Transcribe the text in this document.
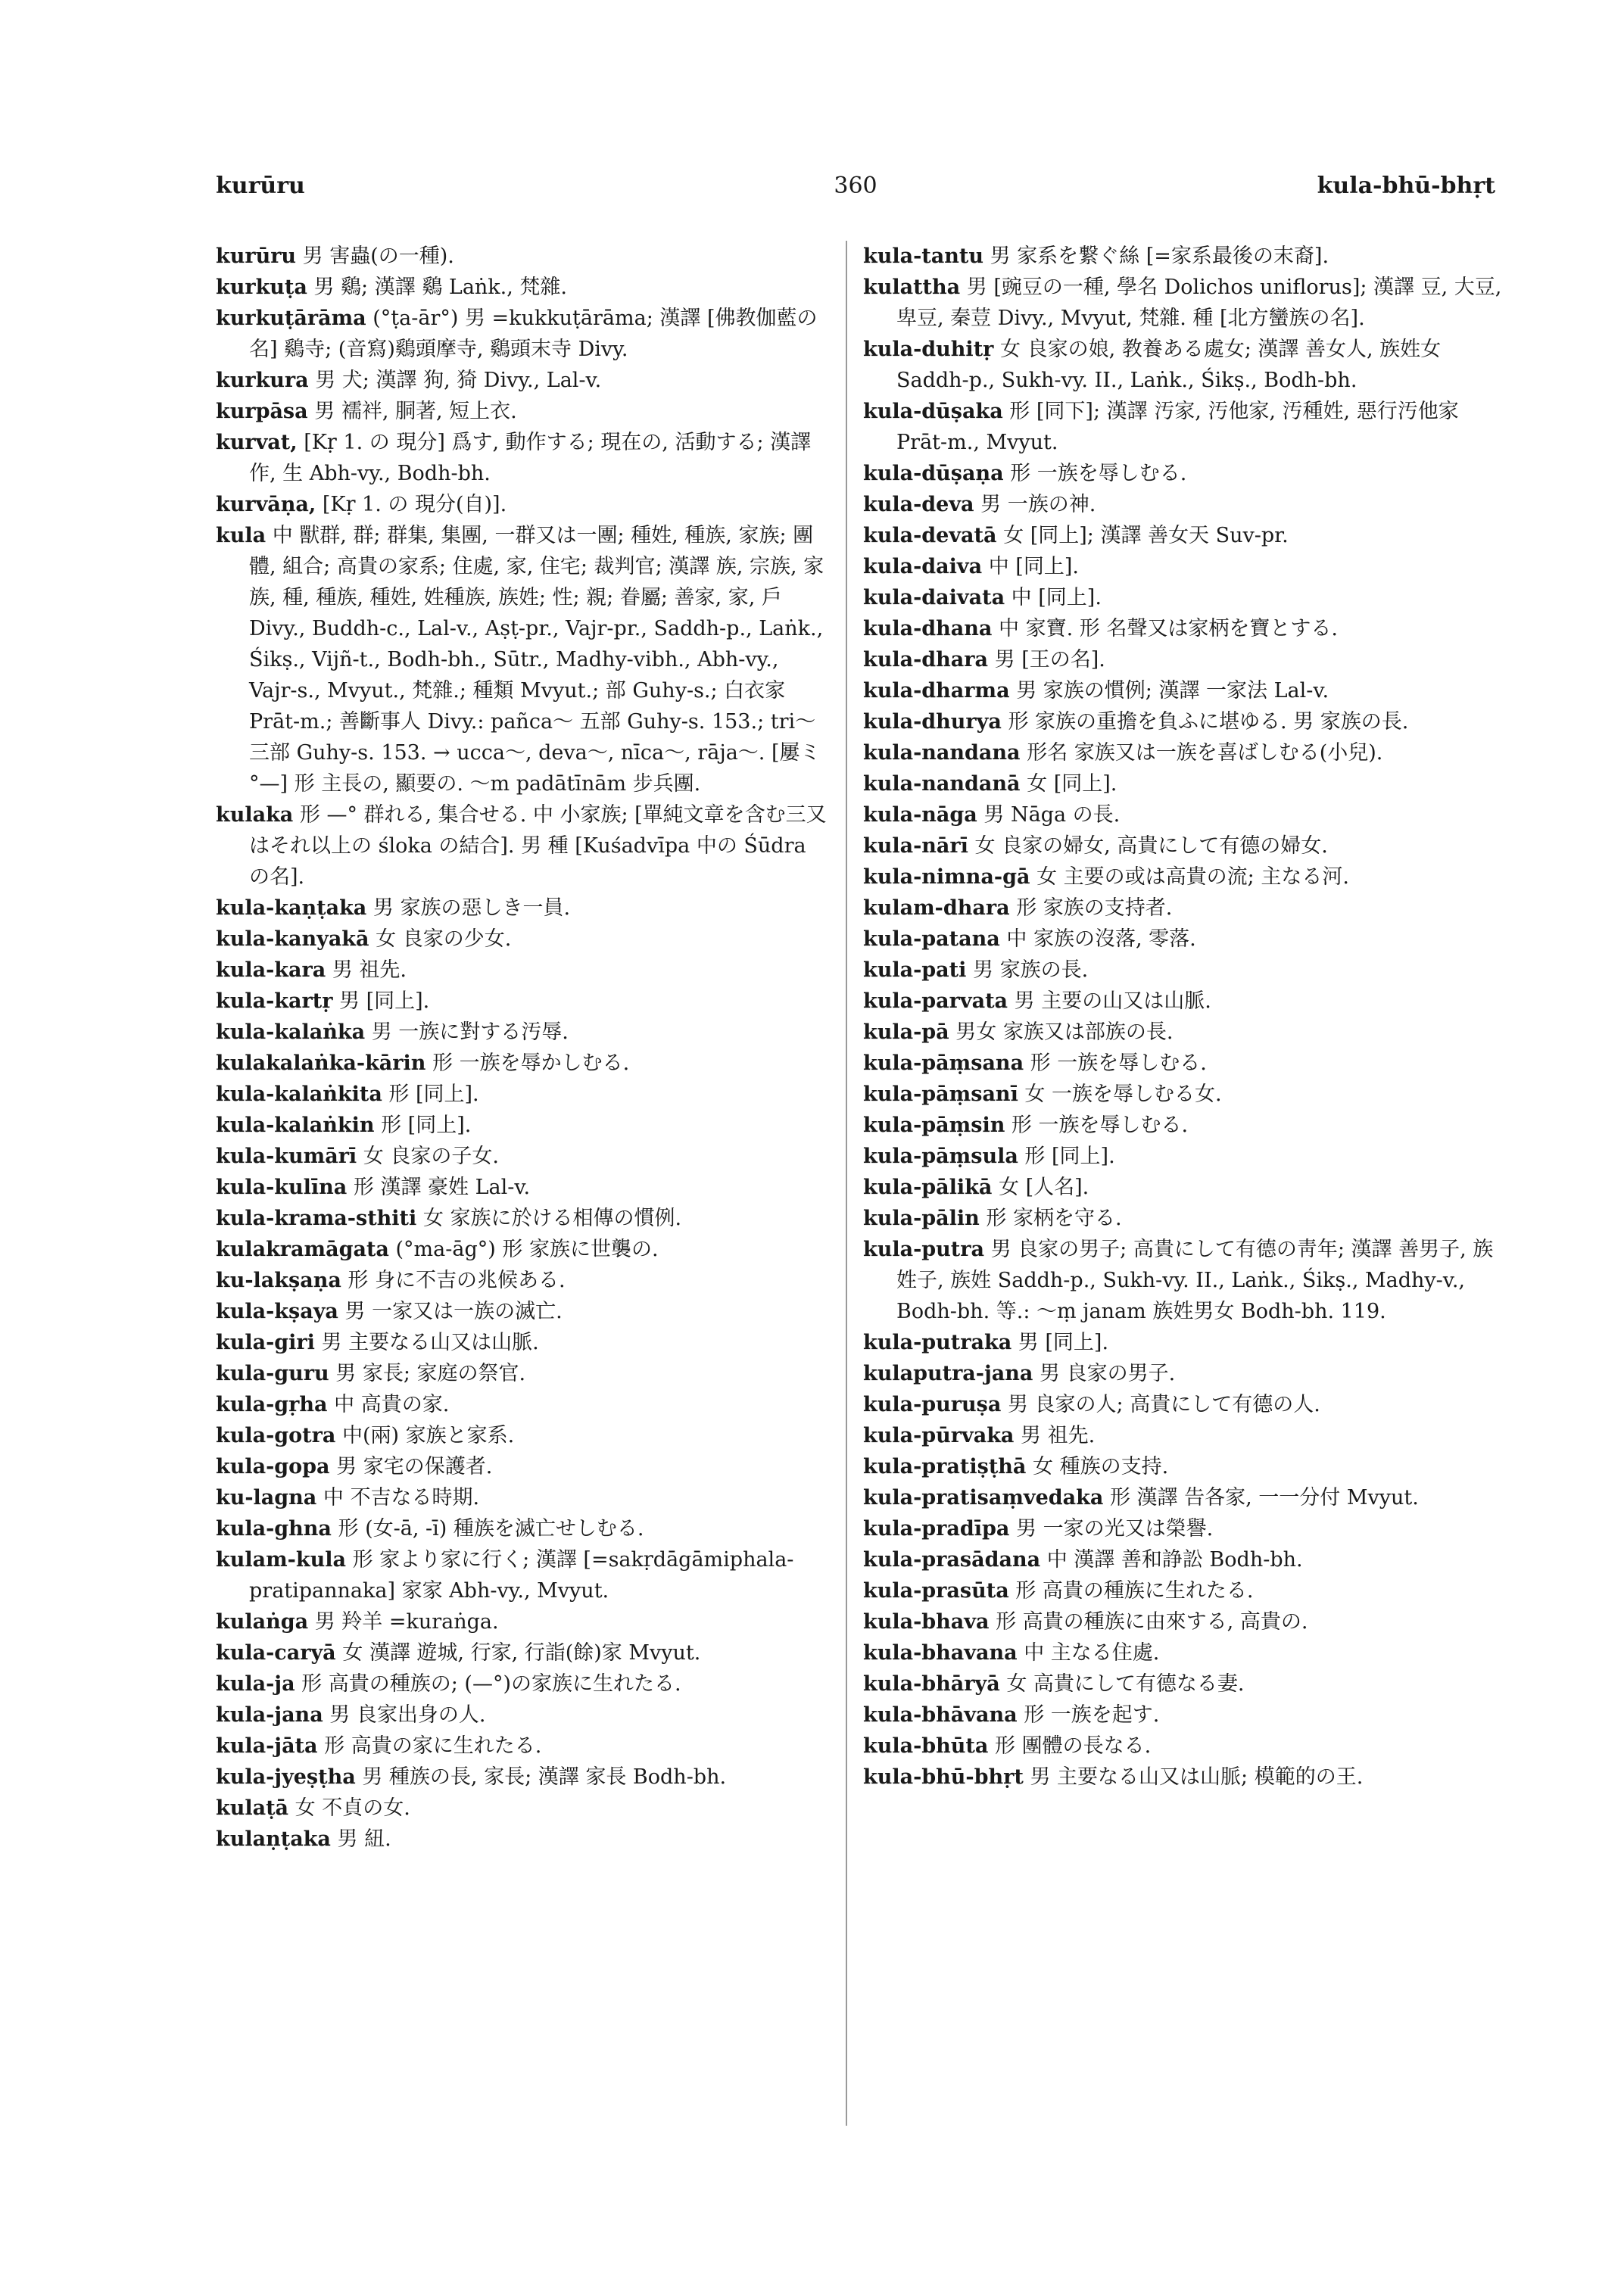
kurūru	360	kula-bhū-bhṛt

kurūru 男 害蟲(の一種).

kurkuṭa 男 鷄; 漢譯 鷄 Laṅk., 梵雜.

kurkuṭārāma (°ṭa-ār°) 男 =kukkuṭārāma; 漢譯 [佛教伽藍の名] 鷄寺; (音寫)鷄頭摩寺, 鷄頭末寺 Divy.

kurkura 男 犬; 漢譯 狗, 猗 Divy., Lal-v.

kurpāsa 男 襦袢, 胴著, 短上衣.

kurvat, [Kṛ 1. の 現分] 爲す, 動作する; 現在の, 活動する; 漢譯 作, 生 Abh-vy., Bodh-bh.

kurvāṇa, [Kṛ 1. の 現分(自)].

kula 中 獸群, 群; 群集, 集團, 一群又は一團; 種姓, 種族, 家族; 團體, 組合; 高貴の家系; 住處, 家, 住宅; 裁判官; 漢譯 族, 宗族, 家族, 種, 種族, 種姓, 姓種族, 族姓; 性; 親; 眷屬; 善家, 家, 戶 Divy., Buddh-c., Lal-v., Aṣṭ-pr., Vajr-pr., Saddh-p., Laṅk., Śikṣ., Vijñ-t., Bodh-bh., Sūtr., Madhy-vibh., Abh-vy., Vajr-s., Mvyut., 梵雜.; 種類 Mvyut.; 部 Guhy-s.; 白衣家 Prāt-m.; 善斷事人 Divy.: pañca〜 五部 Guhy-s. 153.; tri〜 三部 Guhy-s. 153. → ucca〜, deva〜, nīca〜, rāja〜. [屢ミ °—] 形 主長の, 顯要の. 〜m padātīnām 步兵團.

kulaka 形 —° 群れる, 集合せる. 中 小家族; [單純文章を含む三又はそれ以上の śloka の結合]. 男 種 [Kuśadvīpa 中の Śūdra の名].

kula-kaṇṭaka 男 家族の惡しき一員.

kula-kanyakā 女 良家の少女.

kula-kara 男 祖先.

kula-kartṛ 男 [同上].

kula-kalaṅka 男 一族に對する汚辱.

kulakalaṅka-kārin 形 一族を辱かしむる.

kula-kalaṅkita 形 [同上].

kula-kalaṅkin 形 [同上].

kula-kumārī 女 良家の子女.

kula-kulīna 形 漢譯 豪姓 Lal-v.

kula-krama-sthiti 女 家族に於ける相傳の慣例.

kulakramāgata (°ma-āg°) 形 家族に世襲の.

ku-lakṣaṇa 形 身に不吉の兆候ある.

kula-kṣaya 男 一家又は一族の滅亡.

kula-giri 男 主要なる山又は山脈.

kula-guru 男 家長; 家庭の祭官.

kula-gṛha 中 高貴の家.

kula-gotra 中(兩) 家族と家系.

kula-gopa 男 家宅の保護者.

ku-lagna 中 不吉なる時期.

kula-ghna 形 (女-ā, -ī) 種族を滅亡せしむる.

kulam-kula 形 家より家に行く; 漢譯 [=sakṛdāgāmiphala-pratipannaka] 家家 Abh-vy., Mvyut.

kulaṅga 男 羚羊 =kuraṅga.

kula-caryā 女 漢譯 遊城, 行家, 行詣(餘)家 Mvyut.

kula-ja 形 高貴の種族の; (—°)の家族に生れたる.

kula-jana 男 良家出身の人.

kula-jāta 形 高貴の家に生れたる.

kula-jyeṣṭha 男 種族の長, 家長; 漢譯 家長 Bodh-bh.

kulaṭā 女 不貞の女.

kulaṇṭaka 男 紐.

kula-tantu 男 家系を繋ぐ絲 [=家系最後の末裔].

kulattha 男 [豌豆の一種, 學名 Dolichos uniflorus]; 漢譯 豆, 大豆, 卑豆, 秦荳 Divy., Mvyut, 梵雜. 種 [北方蠻族の名].

kula-duhitṛ 女 良家の娘, 教養ある處女; 漢譯 善女人, 族姓女 Saddh-p., Sukh-vy. II., Laṅk., Śikṣ., Bodh-bh.

kula-dūṣaka 形 [同下]; 漢譯 汚家, 汚他家, 汚種姓, 惡行汚他家 Prāt-m., Mvyut.

kula-dūṣaṇa 形 一族を辱しむる.

kula-deva 男 一族の神.

kula-devatā 女 [同上]; 漢譯 善女天 Suv-pr.

kula-daiva 中 [同上].

kula-daivata 中 [同上].

kula-dhana 中 家寶. 形 名聲又は家柄を寶とする.

kula-dhara 男 [王の名].

kula-dharma 男 家族の慣例; 漢譯 一家法 Lal-v.

kula-dhurya 形 家族の重擔を負ふに堪ゆる. 男 家族の長.

kula-nandana 形名 家族又は一族を喜ばしむる(小兒).

kula-nandanā 女 [同上].

kula-nāga 男 Nāga の長.

kula-nārī 女 良家の婦女, 高貴にして有德の婦女.

kula-nimna-gā 女 主要の或は高貴の流; 主なる河.

kulam-dhara 形 家族の支持者.

kula-patana 中 家族の沒落, 零落.

kula-pati 男 家族の長.

kula-parvata 男 主要の山又は山脈.

kula-pā 男女 家族又は部族の長.

kula-pāṃsana 形 一族を辱しむる.

kula-pāṃsanī 女 一族を辱しむる女.

kula-pāṃsin 形 一族を辱しむる.

kula-pāṃsula 形 [同上].

kula-pālikā 女 [人名].

kula-pālin 形 家柄を守る.

kula-putra 男 良家の男子; 高貴にして有德の靑年; 漢譯 善男子, 族姓子, 族姓 Saddh-p., Sukh-vy. II., Laṅk., Śikṣ., Madhy-v., Bodh-bh. 等.: 〜ṃ janam 族姓男女 Bodh-bh. 119.

kula-putraka 男 [同上].

kulaputra-jana 男 良家の男子.

kula-puruṣa 男 良家の人; 高貴にして有德の人.

kula-pūrvaka 男 祖先.

kula-pratiṣṭhā 女 種族の支持.

kula-pratisaṃvedaka 形 漢譯 告各家, 一一分付 Mvyut.

kula-pradīpa 男 一家の光又は榮譽.

kula-prasādana 中 漢譯 善和諍訟 Bodh-bh.

kula-prasūta 形 高貴の種族に生れたる.

kula-bhava 形 高貴の種族に由來する, 高貴の.

kula-bhavana 中 主なる住處.

kula-bhāryā 女 高貴にして有德なる妻.

kula-bhāvana 形 一族を起す.

kula-bhūta 形 團體の長なる.

kula-bhū-bhṛt 男 主要なる山又は山脈; 模範的の王.
